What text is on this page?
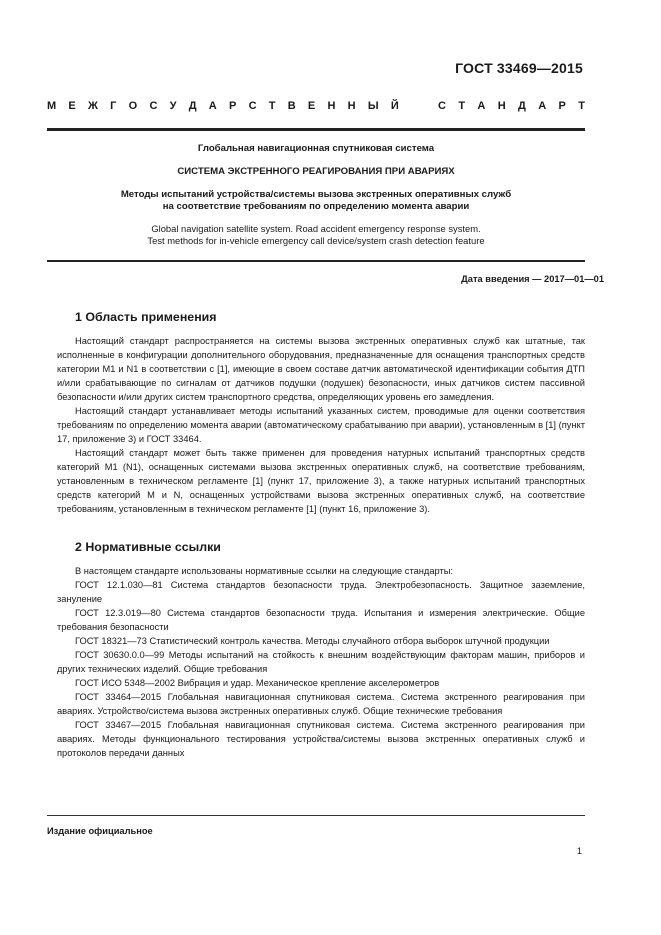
ГОСТ 33469—2015
М Е Ж Г О С У Д А Р С Т В Е Н Н Ы Й	С Т А Н Д А Р Т
Глобальная навигационная спутниковая система
СИСТЕМА ЭКСТРЕННОГО РЕАГИРОВАНИЯ ПРИ АВАРИЯХ
Методы испытаний устройства/системы вызова экстренных оперативных служб
на соответствие требованиям по определению момента аварии
Global navigation satellite system. Road accident emergency response system.
Test methods for in-vehicle emergency call device/system crash detection feature
Дата введения — 2017—01—01
1 Область применения

Настоящий стандарт распространяется на системы вызова экстренных оперативных служб как штатные, так исполненные в конфигурации дополнительного оборудования, предназначенные для оснащения транспортных средств категории М1 и N1 в соответствии с [1], имеющие в своем составе датчик автоматической идентификации события ДТП и/или срабатывающие по сигналам от датчиков подушки (подушек) безопасности, иных датчиков систем пассивной безопасности и/или других систем транспортного средства, определяющих уровень его замедления.

Настоящий стандарт устанавливает методы испытаний указанных систем, проводимые для оценки соответствия требованиям по определению момента аварии (автоматическому срабатыванию при аварии), установленным в [1] (пункт 17, приложение 3) и ГОСТ 33464.

Настоящий стандарт может быть также применен для проведения натурных испытаний транспортных средств категорий М1 (N1), оснащенных системами вызова экстренных оперативных служб, на соответствие требованиям, установленным в техническом регламенте [1] (пункт 17, приложение 3), а также натурных испытаний транспортных средств категорий М и N, оснащенных устройствами вызова экстренных оперативных служб, на соответствие требованиям, установленным в техническом регламенте [1] (пункт 16, приложение 3).

2 Нормативные ссылки

В настоящем стандарте использованы нормативные ссылки на следующие стандарты:

ГОСТ 12.1.030—81 Система стандартов безопасности труда. Электробезопасность. Защитное заземление, зануление

ГОСТ 12.3.019—80 Система стандартов безопасности труда. Испытания и измерения электрические. Общие требования безопасности

ГОСТ 18321—73 Статистический контроль качества. Методы случайного отбора выборок штучной продукции

ГОСТ 30630.0.0—99 Методы испытаний на стойкость к внешним воздействующим факторам машин, приборов и других технических изделий. Общие требования

ГОСТ ИСО 5348—2002 Вибрация и удар. Механическое крепление акселерометров

ГОСТ 33464—2015 Глобальная навигационная спутниковая система. Система экстренного реагирования при авариях. Устройство/система вызова экстренных оперативных служб. Общие технические требования

ГОСТ 33467—2015 Глобальная навигационная спутниковая система. Система экстренного реагирования при авариях. Методы функционального тестирования устройства/системы вызова экстренных оперативных служб и протоколов передачи данных

Издание официальное
1
